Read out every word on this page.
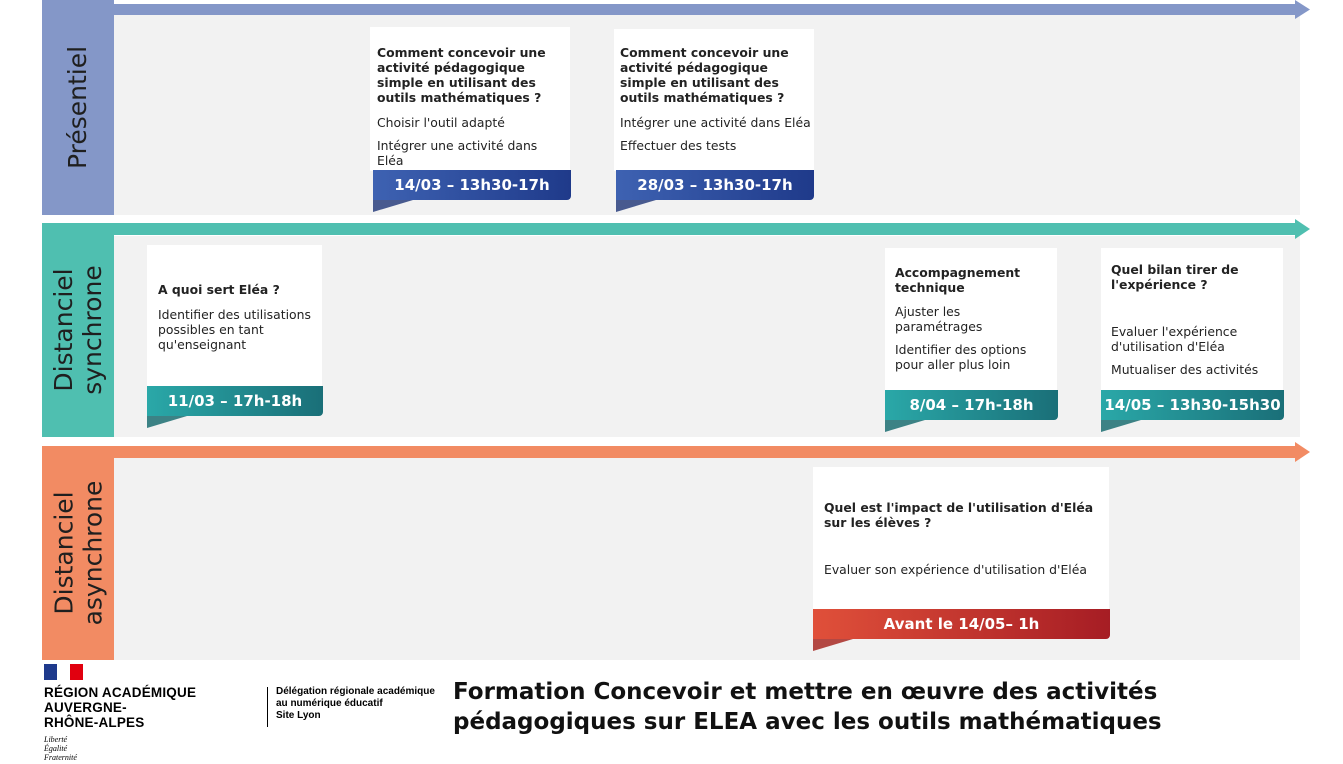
Présentiel
Distanciel synchrone
Distanciel asynchrone
Comment concevoir une activité pédagogique simple en utilisant des outils mathématiques ?
Choisir l'outil adapté
Intégrer une activité dans Eléa
14/03 – 13h30-17h
Comment concevoir une activité pédagogique simple en utilisant des outils mathématiques ?
Intégrer une activité dans Eléa
Effectuer des tests
28/03 – 13h30-17h
A quoi sert Eléa ?
Identifier des utilisations possibles en tant qu'enseignant
11/03 – 17h-18h
Accompagnement technique
Ajuster les paramétrages
Identifier des options pour aller plus loin
8/04 – 17h-18h
Quel bilan tirer de l'expérience ?
Evaluer l'expérience d'utilisation d'Eléa
Mutualiser des activités
14/05 – 13h30-15h30
Quel est l'impact de l'utilisation d'Eléa sur les élèves ?
Evaluer son expérience d'utilisation d'Eléa
Avant le 14/05– 1h
RÉGION ACADÉMIQUE
AUVERGNE-
RHÔNE-ALPES
Liberté
Égalité
Fraternité
Délégation régionale académique
au numérique éducatif
Site Lyon
Formation Concevoir et mettre en œuvre des activités pédagogiques sur ELEA avec les outils mathématiques
